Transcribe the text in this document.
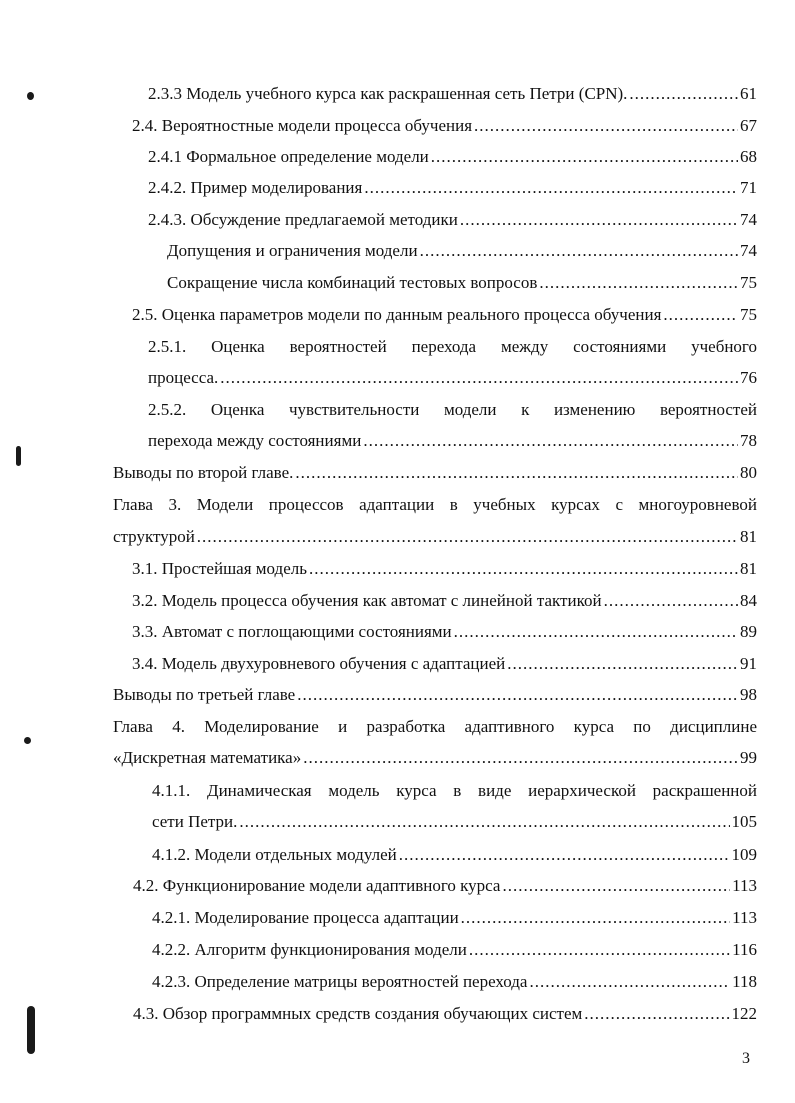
2.3.3 Модель учебного курса как раскрашенная сеть Петри (CPN). .....	61
2.4. Вероятностные модели процесса обучения .....	67
2.4.1 Формальное определение модели .....	68
2.4.2. Пример моделирования .....	71
2.4.3. Обсуждение предлагаемой методики .....	74
Допущения и ограничения модели .....	74
Сокращение числа комбинаций тестовых вопросов .....	75
2.5. Оценка параметров модели по данным реального процесса обучения .....	75
2.5.1. Оценка вероятностей перехода между состояниями учебного
процесса. .....	76
2.5.2. Оценка чувствительности модели к изменению вероятностей
перехода между состояниями .....	78
Выводы по второй главе. .....	80
Глава 3. Модели процессов адаптации в учебных курсах с многоуровневой
структурой .....	81
3.1. Простейшая модель .....	81
3.2. Модель процесса обучения как автомат с линейной тактикой .....	84
3.3. Автомат с поглощающими состояниями .....	89
3.4. Модель двухуровневого обучения с адаптацией .....	91
Выводы по третьей главе .....	98
Глава 4. Моделирование и разработка адаптивного курса по дисциплине
«Дискретная математика» .....	99
4.1.1. Динамическая модель курса в виде иерархической раскрашенной
сети Петри. .....	105
4.1.2. Модели отдельных модулей .....	109
4.2. Функционирование модели адаптивного курса .....	113
4.2.1. Моделирование процесса адаптации .....	113
4.2.2. Алгоритм функционирования модели .....	116
4.2.3. Определение матрицы вероятностей перехода .....	118
4.3. Обзор программных средств создания обучающих систем .....	122
3
